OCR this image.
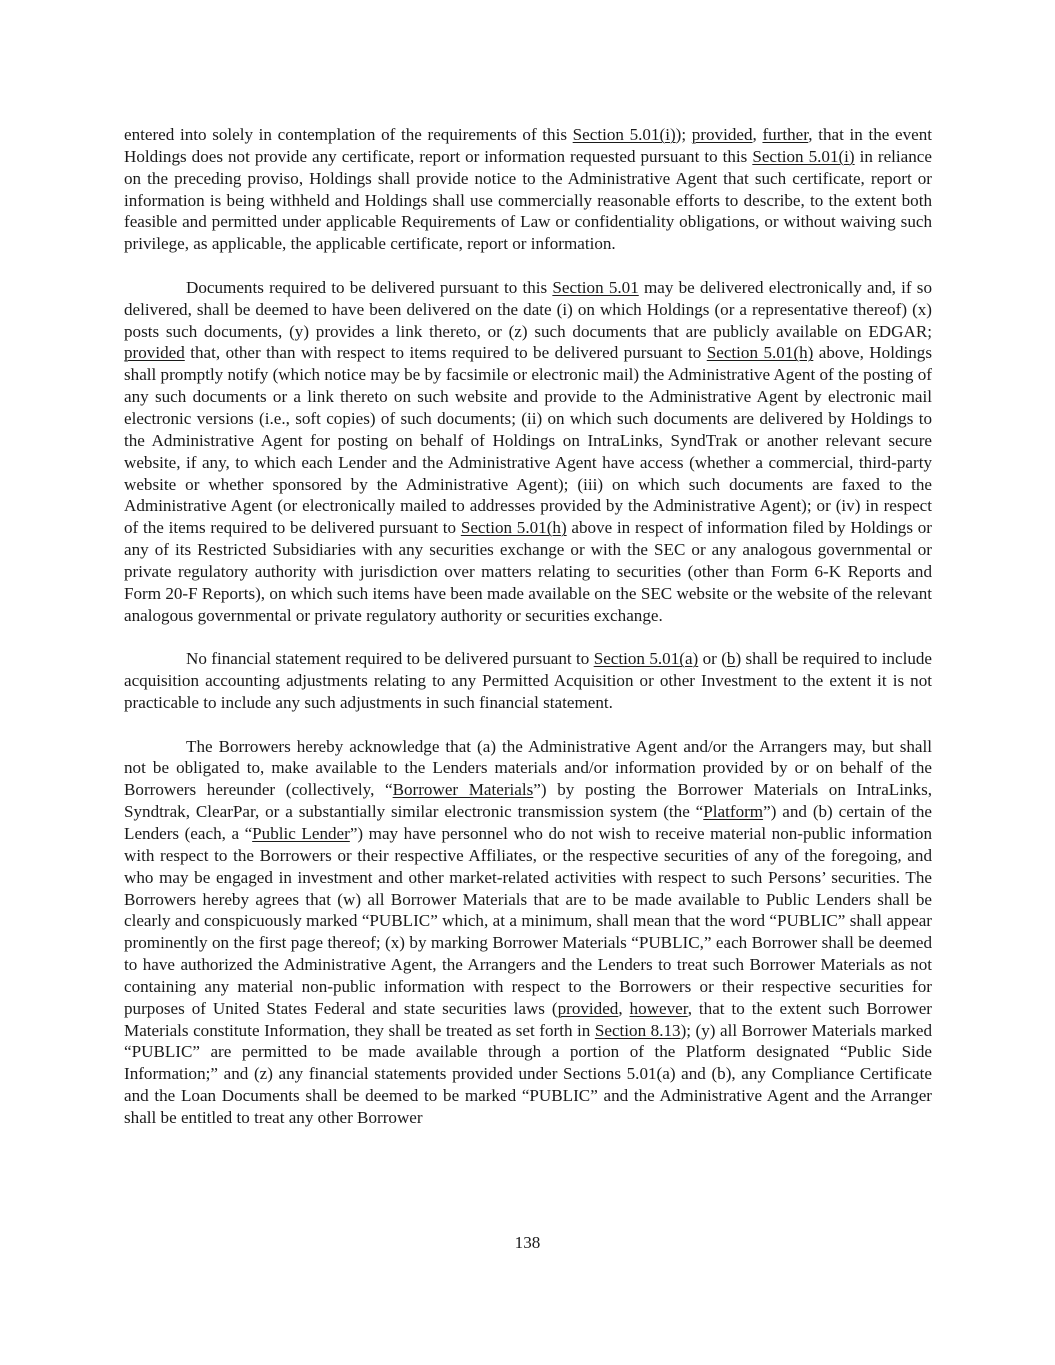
entered into solely in contemplation of the requirements of this Section 5.01(i)); provided, further, that in the event Holdings does not provide any certificate, report or information requested pursuant to this Section 5.01(i) in reliance on the preceding proviso, Holdings shall provide notice to the Administrative Agent that such certificate, report or information is being withheld and Holdings shall use commercially reasonable efforts to describe, to the extent both feasible and permitted under applicable Requirements of Law or confidentiality obligations, or without waiving such privilege, as applicable, the applicable certificate, report or information.

Documents required to be delivered pursuant to this Section 5.01 may be delivered electronically and, if so delivered, shall be deemed to have been delivered on the date (i) on which Holdings (or a representative thereof) (x) posts such documents, (y) provides a link thereto, or (z) such documents that are publicly available on EDGAR; provided that, other than with respect to items required to be delivered pursuant to Section 5.01(h) above, Holdings shall promptly notify (which notice may be by facsimile or electronic mail) the Administrative Agent of the posting of any such documents or a link thereto on such website and provide to the Administrative Agent by electronic mail electronic versions (i.e., soft copies) of such documents; (ii) on which such documents are delivered by Holdings to the Administrative Agent for posting on behalf of Holdings on IntraLinks, SyndTrak or another relevant secure website, if any, to which each Lender and the Administrative Agent have access (whether a commercial, third-party website or whether sponsored by the Administrative Agent); (iii) on which such documents are faxed to the Administrative Agent (or electronically mailed to addresses provided by the Administrative Agent); or (iv) in respect of the items required to be delivered pursuant to Section 5.01(h) above in respect of information filed by Holdings or any of its Restricted Subsidiaries with any securities exchange or with the SEC or any analogous governmental or private regulatory authority with jurisdiction over matters relating to securities (other than Form 6-K Reports and Form 20-F Reports), on which such items have been made available on the SEC website or the website of the relevant analogous governmental or private regulatory authority or securities exchange.

No financial statement required to be delivered pursuant to Section 5.01(a) or (b) shall be required to include acquisition accounting adjustments relating to any Permitted Acquisition or other Investment to the extent it is not practicable to include any such adjustments in such financial statement.

The Borrowers hereby acknowledge that (a) the Administrative Agent and/or the Arrangers may, but shall not be obligated to, make available to the Lenders materials and/or information provided by or on behalf of the Borrowers hereunder (collectively, “Borrower Materials”) by posting the Borrower Materials on IntraLinks, Syndtrak, ClearPar, or a substantially similar electronic transmission system (the “Platform”) and (b) certain of the Lenders (each, a “Public Lender”) may have personnel who do not wish to receive material non-public information with respect to the Borrowers or their respective Affiliates, or the respective securities of any of the foregoing, and who may be engaged in investment and other market-related activities with respect to such Persons’ securities. The Borrowers hereby agrees that (w) all Borrower Materials that are to be made available to Public Lenders shall be clearly and conspicuously marked “PUBLIC” which, at a minimum, shall mean that the word “PUBLIC” shall appear prominently on the first page thereof; (x) by marking Borrower Materials “PUBLIC,” each Borrower shall be deemed to have authorized the Administrative Agent, the Arrangers and the Lenders to treat such Borrower Materials as not containing any material non-public information with respect to the Borrowers or their respective securities for purposes of United States Federal and state securities laws (provided, however, that to the extent such Borrower Materials constitute Information, they shall be treated as set forth in Section 8.13); (y) all Borrower Materials marked “PUBLIC” are permitted to be made available through a portion of the Platform designated “Public Side Information;” and (z) any financial statements provided under Sections 5.01(a) and (b), any Compliance Certificate and the Loan Documents shall be deemed to be marked “PUBLIC” and the Administrative Agent and the Arranger shall be entitled to treat any other Borrower

138
